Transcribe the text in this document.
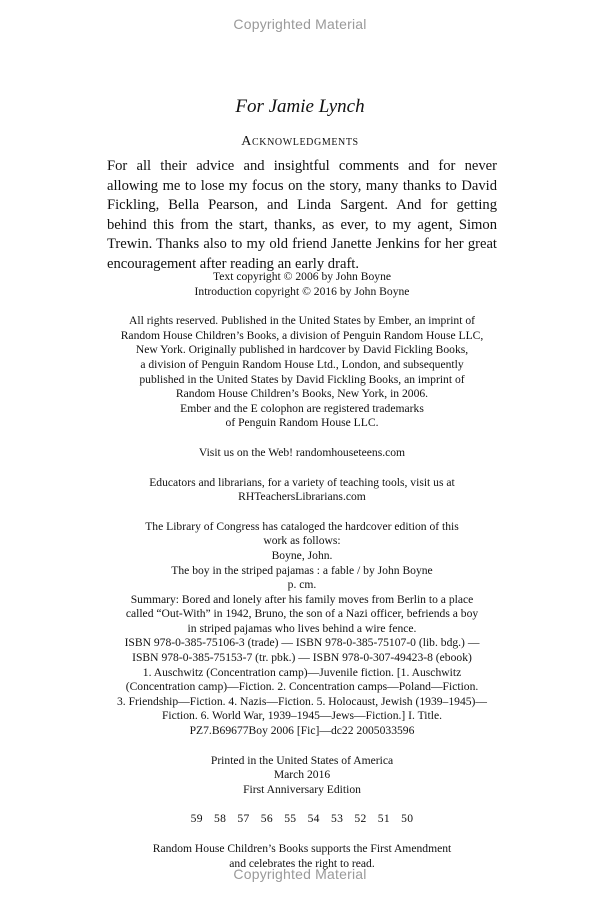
Copyrighted Material
For Jamie Lynch
Acknowledgments
For all their advice and insightful comments and for never allowing me to lose my focus on the story, many thanks to David Fickling, Bella Pearson, and Linda Sargent. And for getting behind this from the start, thanks, as ever, to my agent, Simon Trewin. Thanks also to my old friend Janette Jenkins for her great encouragement after reading an early draft.
Text copyright © 2006 by John Boyne
Introduction copyright © 2016 by John Boyne
All rights reserved. Published in the United States by Ember, an imprint of
Random House Children’s Books, a division of Penguin Random House LLC,
New York. Originally published in hardcover by David Fickling Books,
a division of Penguin Random House Ltd., London, and subsequently
published in the United States by David Fickling Books, an imprint of
Random House Children’s Books, New York, in 2006.
Ember and the E colophon are registered trademarks
of Penguin Random House LLC.
Visit us on the Web! randomhouseteens.com
Educators and librarians, for a variety of teaching tools, visit us at
RHTeachersLibrarians.com
The Library of Congress has cataloged the hardcover edition of this
work as follows:
Boyne, John.
The boy in the striped pajamas : a fable / by John Boyne
p. cm.
Summary: Bored and lonely after his family moves from Berlin to a place
called “Out-With” in 1942, Bruno, the son of a Nazi officer, befriends a boy
in striped pajamas who lives behind a wire fence.
ISBN 978-0-385-75106-3 (trade) — ISBN 978-0-385-75107-0 (lib. bdg.) —
ISBN 978-0-385-75153-7 (tr. pbk.) — ISBN 978-0-307-49423-8 (ebook)
1. Auschwitz (Concentration camp)—Juvenile fiction. [1. Auschwitz
(Concentration camp)—Fiction. 2. Concentration camps—Poland—Fiction.
3. Friendship—Fiction. 4. Nazis—Fiction. 5. Holocaust, Jewish (1939–1945)—
Fiction. 6. World War, 1939–1945—Jews—Fiction.] I. Title.
PZ7.B69677Boy 2006 [Fic]—dc22 2005033596
Printed in the United States of America
March 2016
First Anniversary Edition
59 58 57 56 55 54 53 52 51 50
Random House Children’s Books supports the First Amendment
and celebrates the right to read.
Copyrighted Material
